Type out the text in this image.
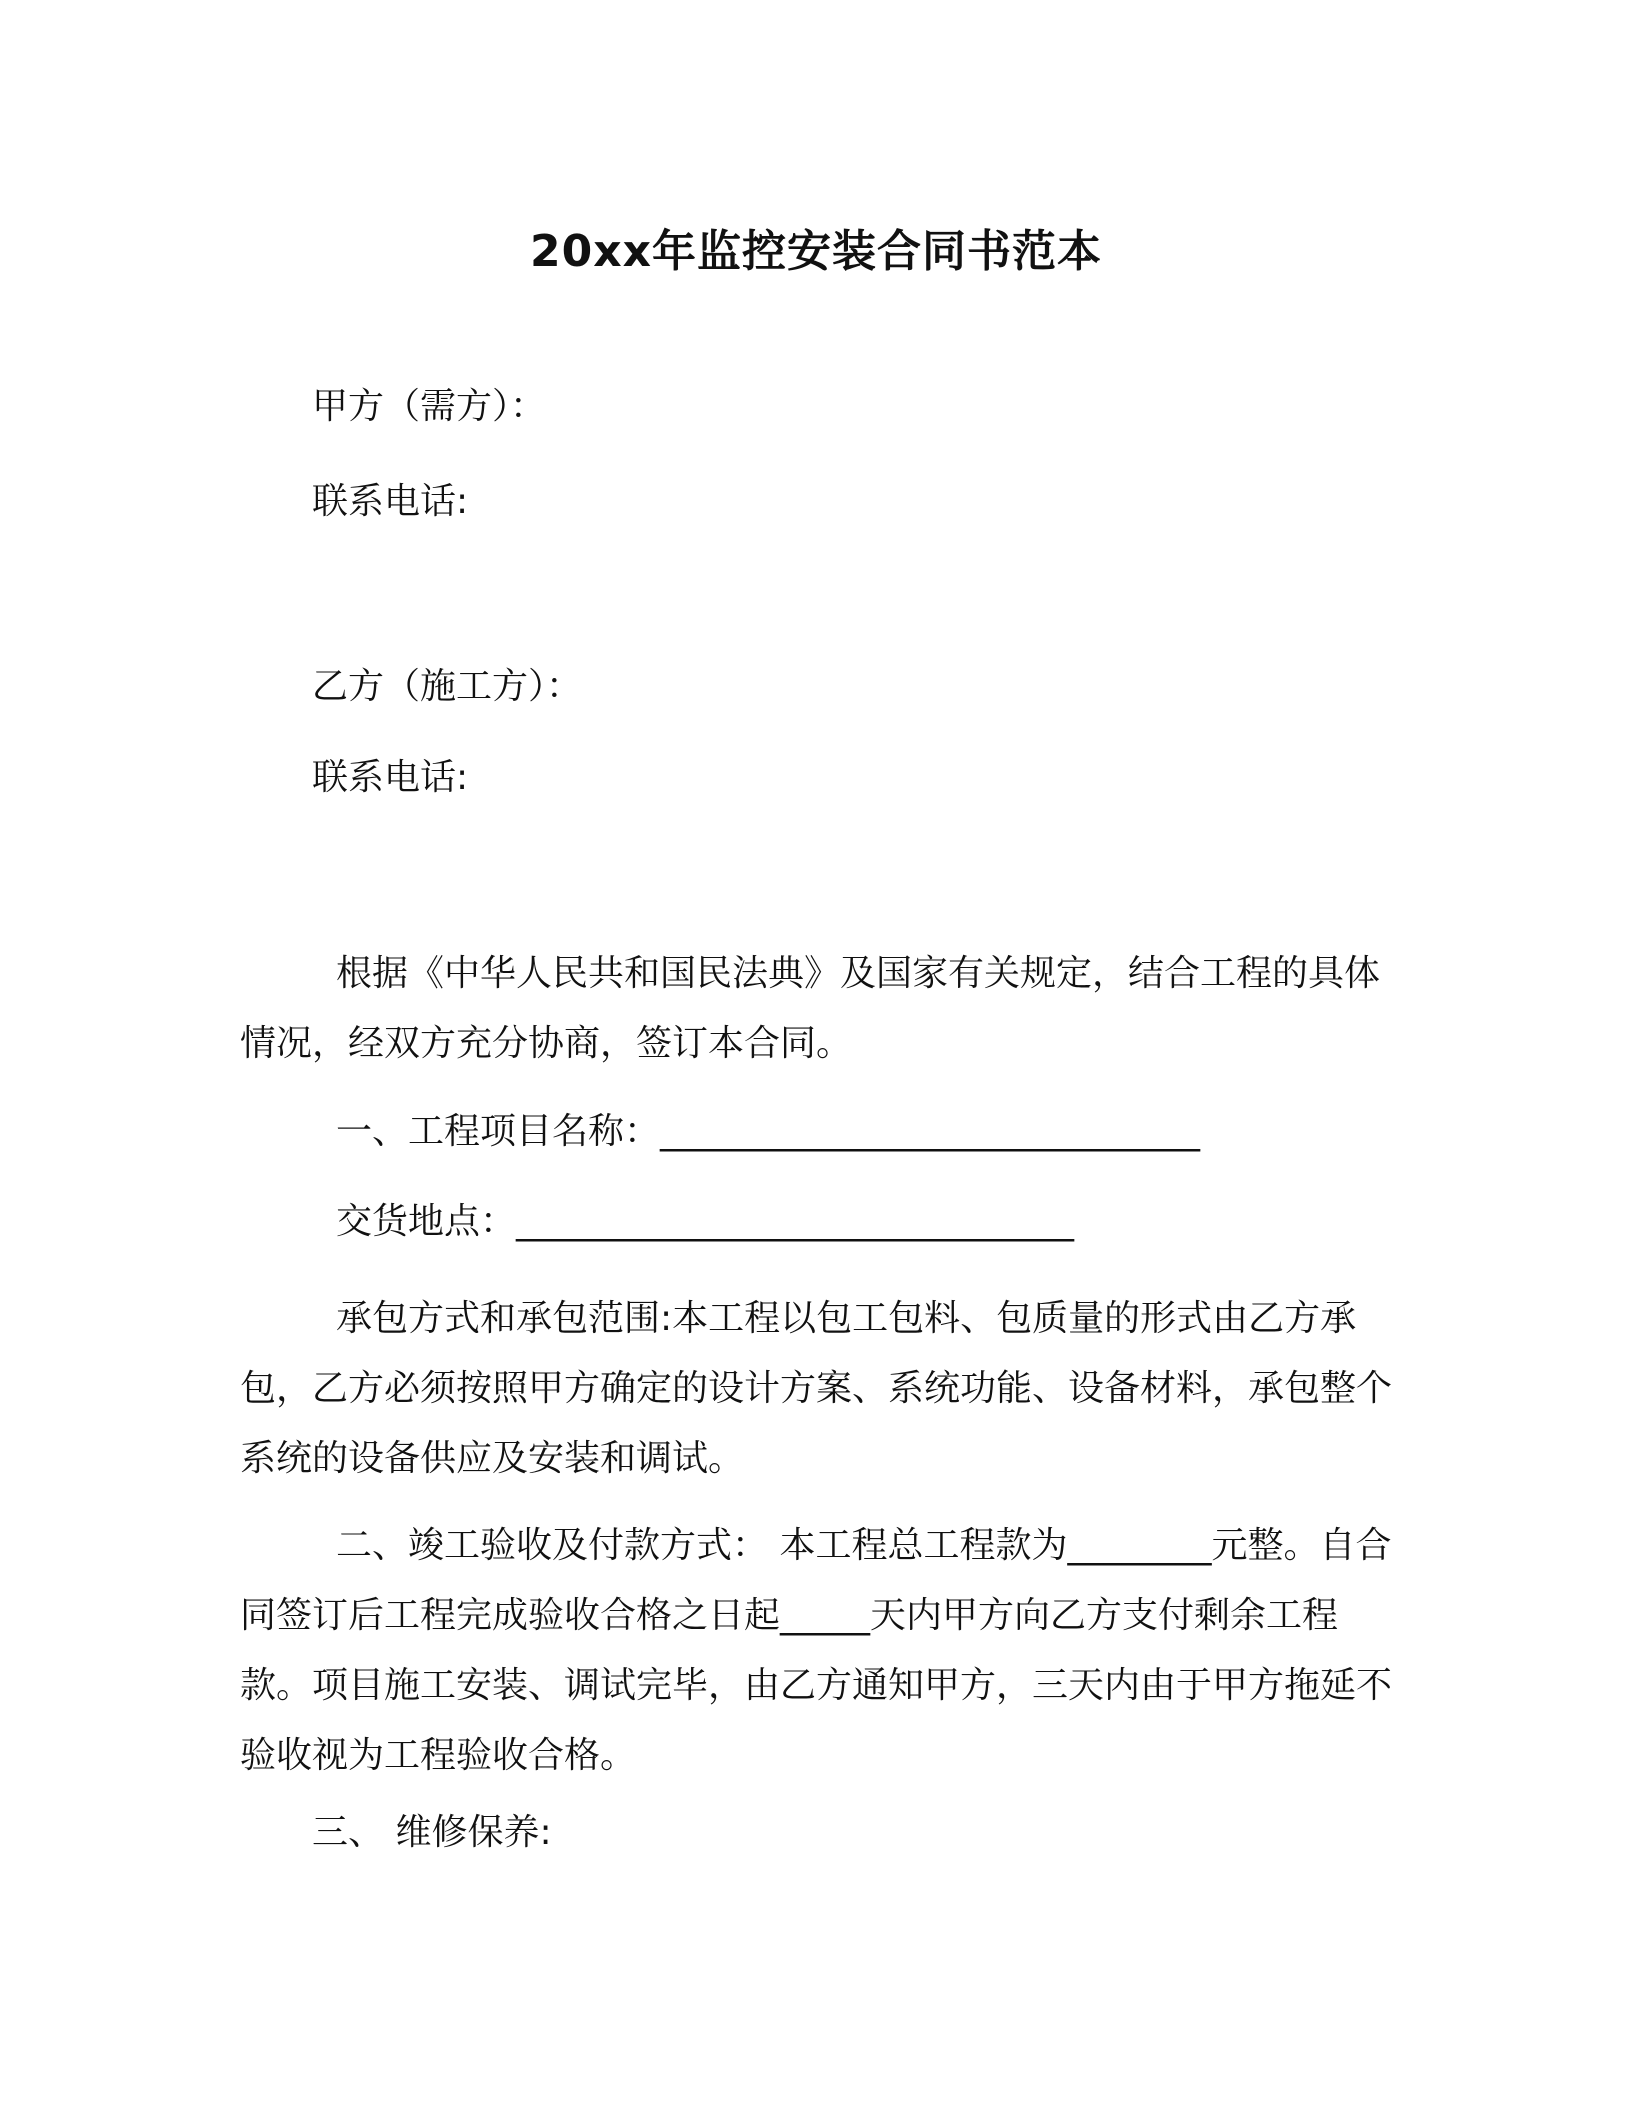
20xx年监控安装合同书范本
甲方（需方）：
联系电话:
乙方（施工方）：
联系电话:
根据《中华人民共和国民法典》及国家有关规定，结合工程的具体情况，经双方充分协商，签订本合同。
一、工程项目名称：______________________________
交货地点：_______________________________
承包方式和承包范围:本工程以包工包料、包质量的形式由乙方承包，乙方必须按照甲方确定的设计方案、系统功能、设备材料，承包整个系统的设备供应及安装和调试。
二、竣工验收及付款方式： 本工程总工程款为________元整。自合同签订后工程完成验收合格之日起_____天内甲方向乙方支付剩余工程款。项目施工安装、调试完毕，由乙方通知甲方，三天内由于甲方拖延不验收视为工程验收合格。
三、 维修保养:
